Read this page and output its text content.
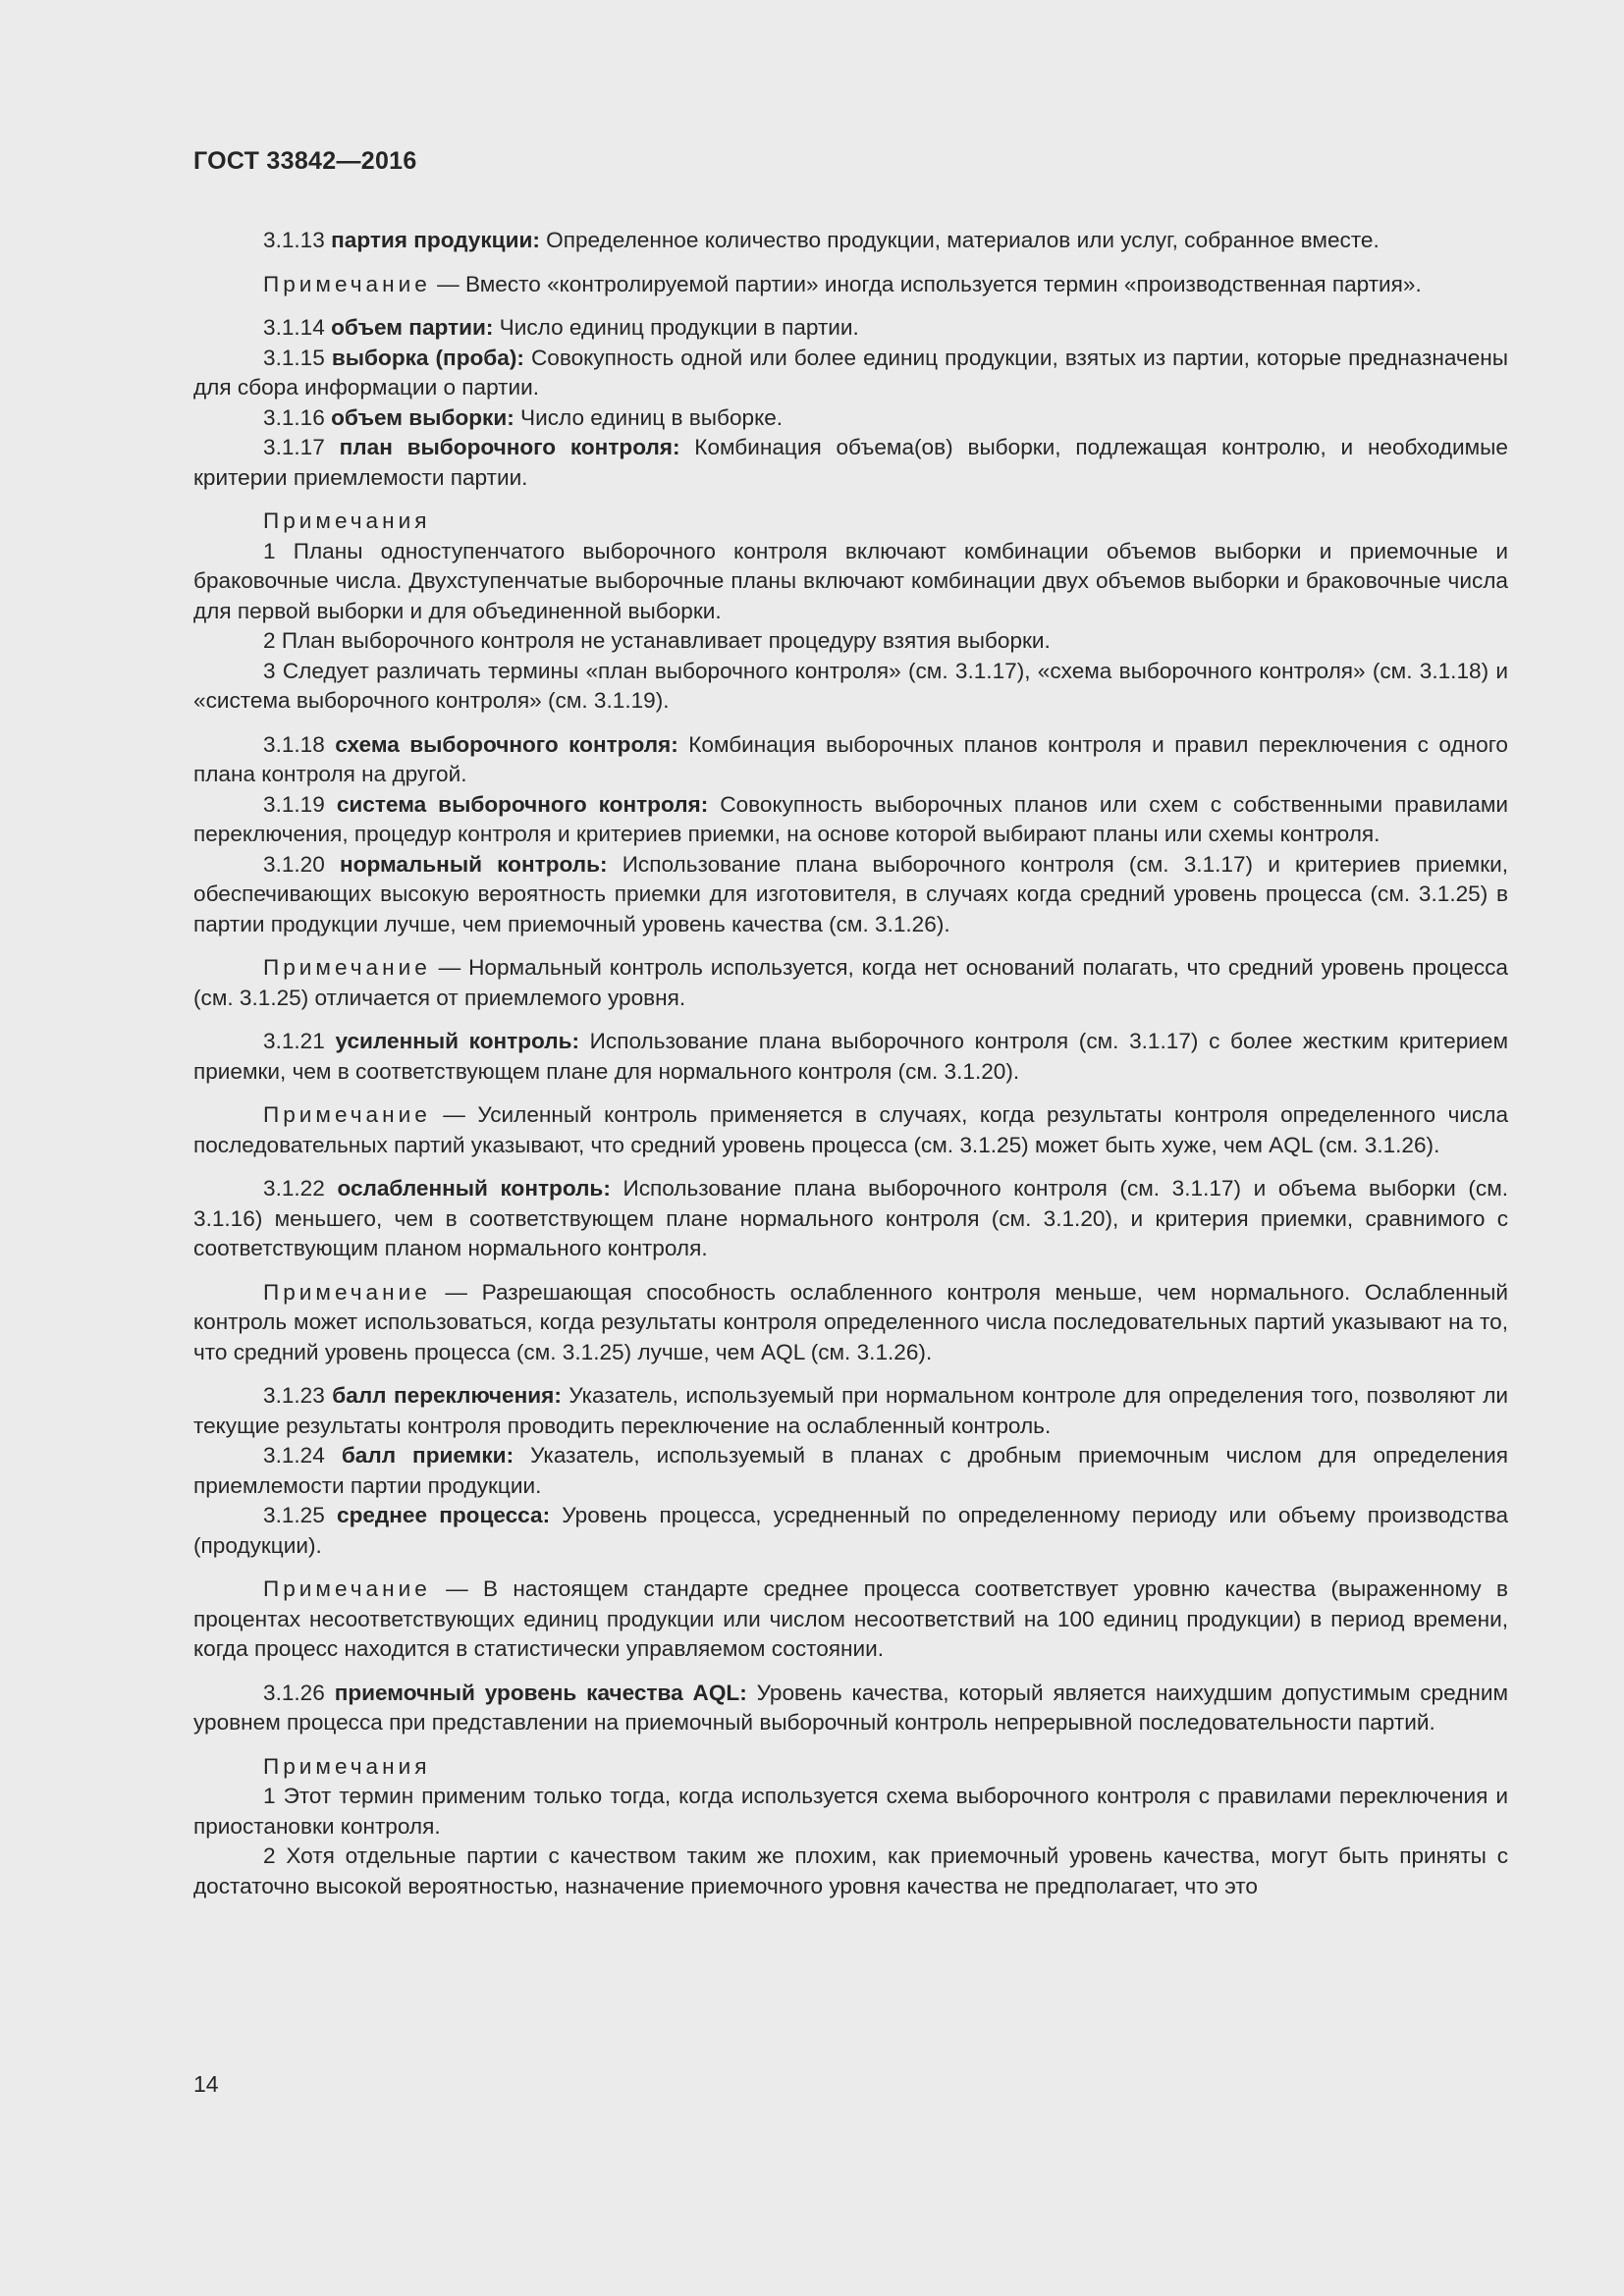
ГОСТ 33842—2016

3.1.13 партия продукции: Определенное количество продукции, материалов или услуг, собранное вместе.

Примечание — Вместо «контролируемой партии» иногда используется термин «производственная партия».

3.1.14 объем партии: Число единиц продукции в партии.

3.1.15 выборка (проба): Совокупность одной или более единиц продукции, взятых из партии, которые предназначены для сбора информации о партии.

3.1.16 объем выборки: Число единиц в выборке.

3.1.17 план выборочного контроля: Комбинация объема(ов) выборки, подлежащая контролю, и необходимые критерии приемлемости партии.

Примечания

1 Планы одноступенчатого выборочного контроля включают комбинации объемов выборки и приемочные и браковочные числа. Двухступенчатые выборочные планы включают комбинации двух объемов выборки и браковочные числа для первой выборки и для объединенной выборки.

2 План выборочного контроля не устанавливает процедуру взятия выборки.

3 Следует различать термины «план выборочного контроля» (см. 3.1.17), «схема выборочного контроля» (см. 3.1.18) и «система выборочного контроля» (см. 3.1.19).

3.1.18 схема выборочного контроля: Комбинация выборочных планов контроля и правил переключения с одного плана контроля на другой.

3.1.19 система выборочного контроля: Совокупность выборочных планов или схем с собственными правилами переключения, процедур контроля и критериев приемки, на основе которой выбирают планы или схемы контроля.

3.1.20 нормальный контроль: Использование плана выборочного контроля (см. 3.1.17) и критериев приемки, обеспечивающих высокую вероятность приемки для изготовителя, в случаях когда средний уровень процесса (см. 3.1.25) в партии продукции лучше, чем приемочный уровень качества (см. 3.1.26).

Примечание — Нормальный контроль используется, когда нет оснований полагать, что средний уровень процесса (см. 3.1.25) отличается от приемлемого уровня.

3.1.21 усиленный контроль: Использование плана выборочного контроля (см. 3.1.17) с более жестким критерием приемки, чем в соответствующем плане для нормального контроля (см. 3.1.20).

Примечание — Усиленный контроль применяется в случаях, когда результаты контроля определенного числа последовательных партий указывают, что средний уровень процесса (см. 3.1.25) может быть хуже, чем AQL (см. 3.1.26).

3.1.22 ослабленный контроль: Использование плана выборочного контроля (см. 3.1.17) и объема выборки (см. 3.1.16) меньшего, чем в соответствующем плане нормального контроля (см. 3.1.20), и критерия приемки, сравнимого с соответствующим планом нормального контроля.

Примечание — Разрешающая способность ослабленного контроля меньше, чем нормального. Ослабленный контроль может использоваться, когда результаты контроля определенного числа последовательных партий указывают на то, что средний уровень процесса (см. 3.1.25) лучше, чем AQL (см. 3.1.26).

3.1.23 балл переключения: Указатель, используемый при нормальном контроле для определения того, позволяют ли текущие результаты контроля проводить переключение на ослабленный контроль.

3.1.24 балл приемки: Указатель, используемый в планах с дробным приемочным числом для определения приемлемости партии продукции.

3.1.25 среднее процесса: Уровень процесса, усредненный по определенному периоду или объему производства (продукции).

Примечание — В настоящем стандарте среднее процесса соответствует уровню качества (выраженному в процентах несоответствующих единиц продукции или числом несоответствий на 100 единиц продукции) в период времени, когда процесс находится в статистически управляемом состоянии.

3.1.26 приемочный уровень качества AQL: Уровень качества, который является наихудшим допустимым средним уровнем процесса при представлении на приемочный выборочный контроль непрерывной последовательности партий.

Примечания

1 Этот термин применим только тогда, когда используется схема выборочного контроля с правилами переключения и приостановки контроля.

2 Хотя отдельные партии с качеством таким же плохим, как приемочный уровень качества, могут быть приняты с достаточно высокой вероятностью, назначение приемочного уровня качества не предполагает, что это

14
